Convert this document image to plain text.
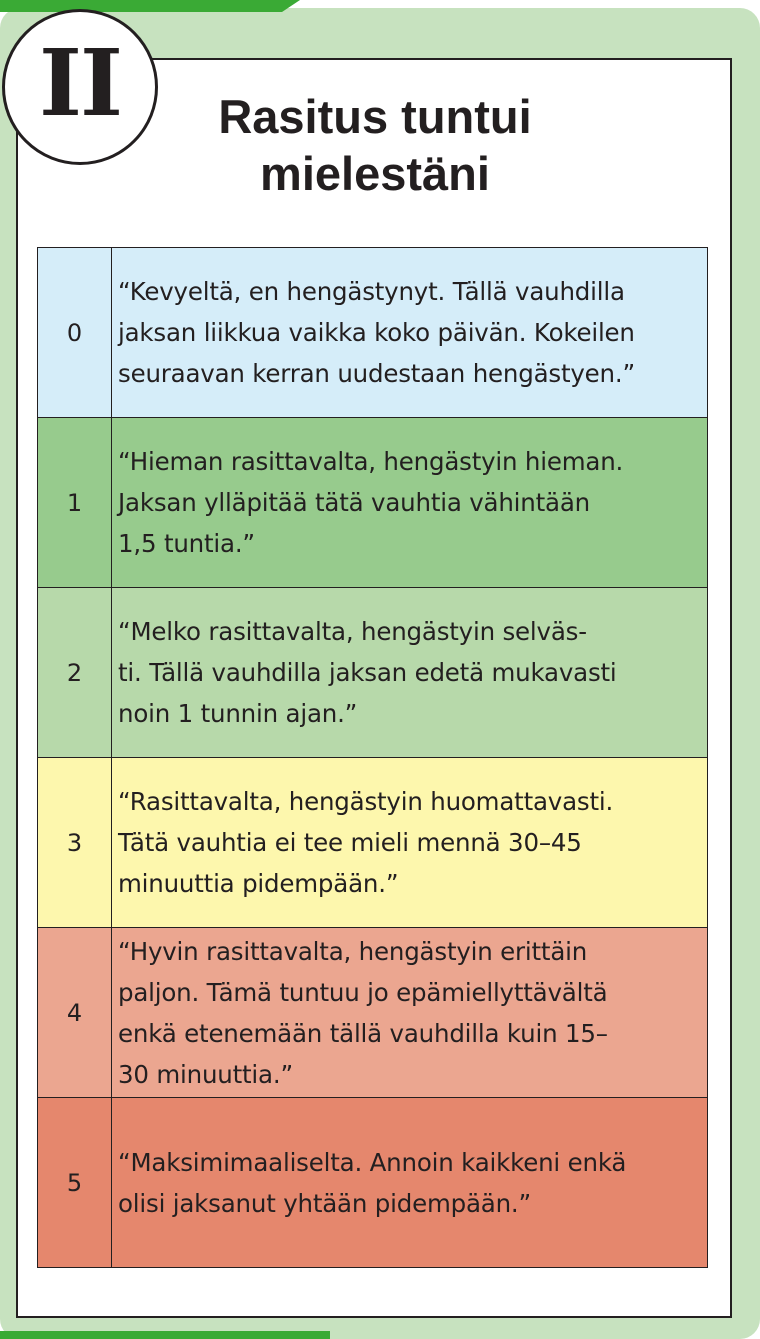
II	Rasitus tuntui
mielestäni
0	“Kevyeltä, en hengästynyt. Tällä vauhdilla
jaksan liikkua vaikka koko päivän. Kokeilen
seuraavan kerran uudestaan hengästyen.”

1	“Hieman rasittavalta, hengästyin hieman.
Jaksan ylläpitää tätä vauhtia vähintään
1,5 tuntia.”

2	“Melko rasittavalta, hengästyin selväs-
ti. Tällä vauhdilla jaksan edetä mukavasti
noin 1 tunnin ajan.”

3	“Rasittavalta, hengästyin huomattavasti.
Tätä vauhtia ei tee mieli mennä 30–45
minuuttia pidempään.”

4	“Hyvin rasittavalta, hengästyin erittäin
paljon. Tämä tuntuu jo epämiellyttävältä
enkä etenemään tällä vauhdilla kuin 15–
30 minuuttia.”

5	“Maksimimaaliselta. Annoin kaikkeni enkä
olisi jaksanut yhtään pidempään.”
